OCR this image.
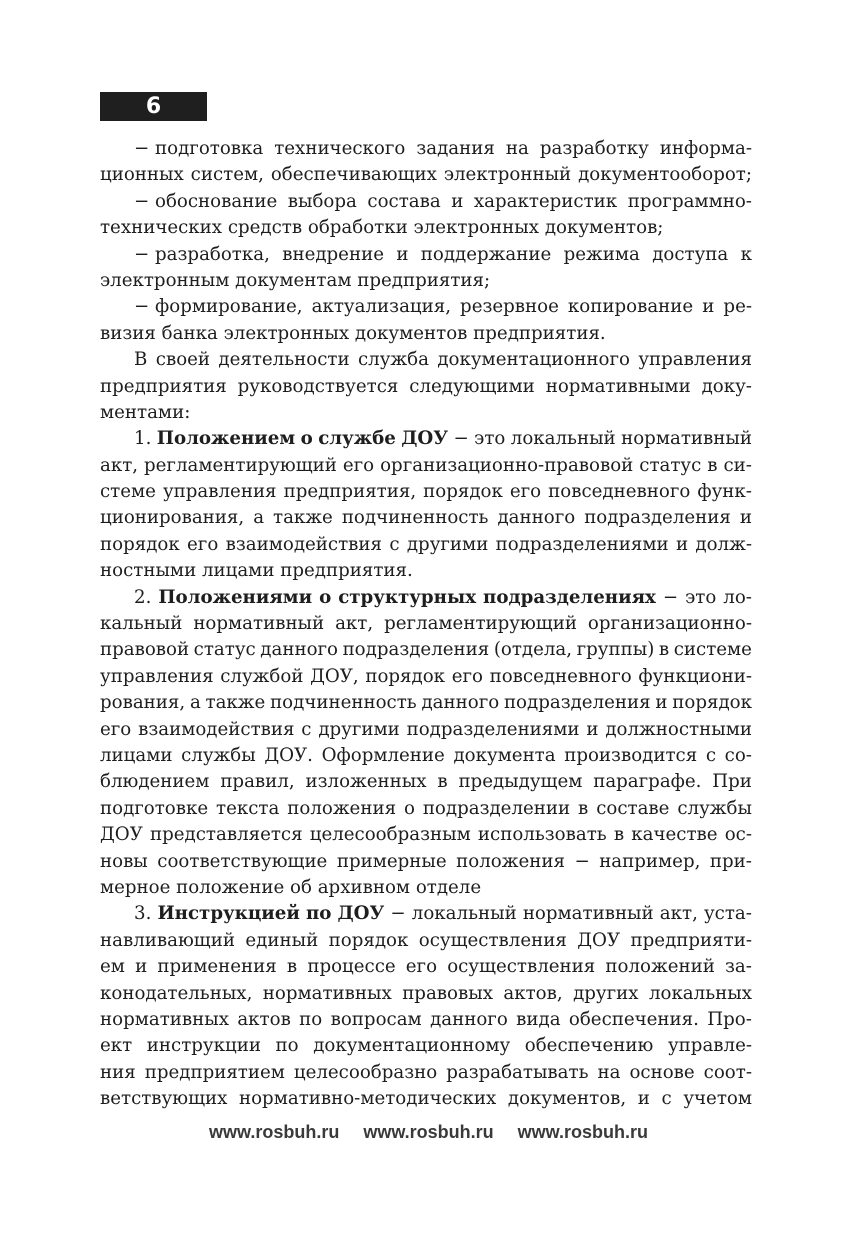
6
− подготовка технического задания на разработку информа-
ционных систем, обеспечивающих электронный документооборот;
− обоснование выбора состава и характеристик программно-
технических средств обработки электронных документов;
− разработка, внедрение и поддержание режима доступа к
электронным документам предприятия;
− формирование, актуализация, резервное копирование и ре-
визия банка электронных документов предприятия.
В своей деятельности служба документационного управления
предприятия руководствуется следующими нормативными доку-
ментами:
1. Положением о службе ДОУ − это локальный нормативный
акт, регламентирующий его организационно-правовой статус в си-
стеме управления предприятия, порядок его повседневного функ-
ционирования, а также подчиненность данного подразделения и
порядок его взаимодействия с другими подразделениями и долж-
ностными лицами предприятия.
2. Положениями о структурных подразделениях − это ло-
кальный нормативный акт, регламентирующий организационно-
правовой статус данного подразделения (отдела, группы) в системе
управления службой ДОУ, порядок его повседневного функциони-
рования, а также подчиненность данного подразделения и порядок
его взаимодействия с другими подразделениями и должностными
лицами службы ДОУ. Оформление документа производится с со-
блюдением правил, изложенных в предыдущем параграфе. При
подготовке текста положения о подразделении в составе службы
ДОУ представляется целесообразным использовать в качестве ос-
новы соответствующие примерные положения − например, при-
мерное положение об архивном отделе
3. Инструкцией по ДОУ − локальный нормативный акт, уста-
навливающий единый порядок осуществления ДОУ предприяти-
ем и применения в процессе его осуществления положений за-
конодательных, нормативных правовых актов, других локальных
нормативных актов по вопросам данного вида обеспечения. Про-
ект инструкции по документационному обеспечению управле-
ния предприятием целесообразно разрабатывать на основе соот-
ветствующих нормативно-методических документов, и с учетом
www.rosbuh.ru www.rosbuh.ru www.rosbuh.ru
